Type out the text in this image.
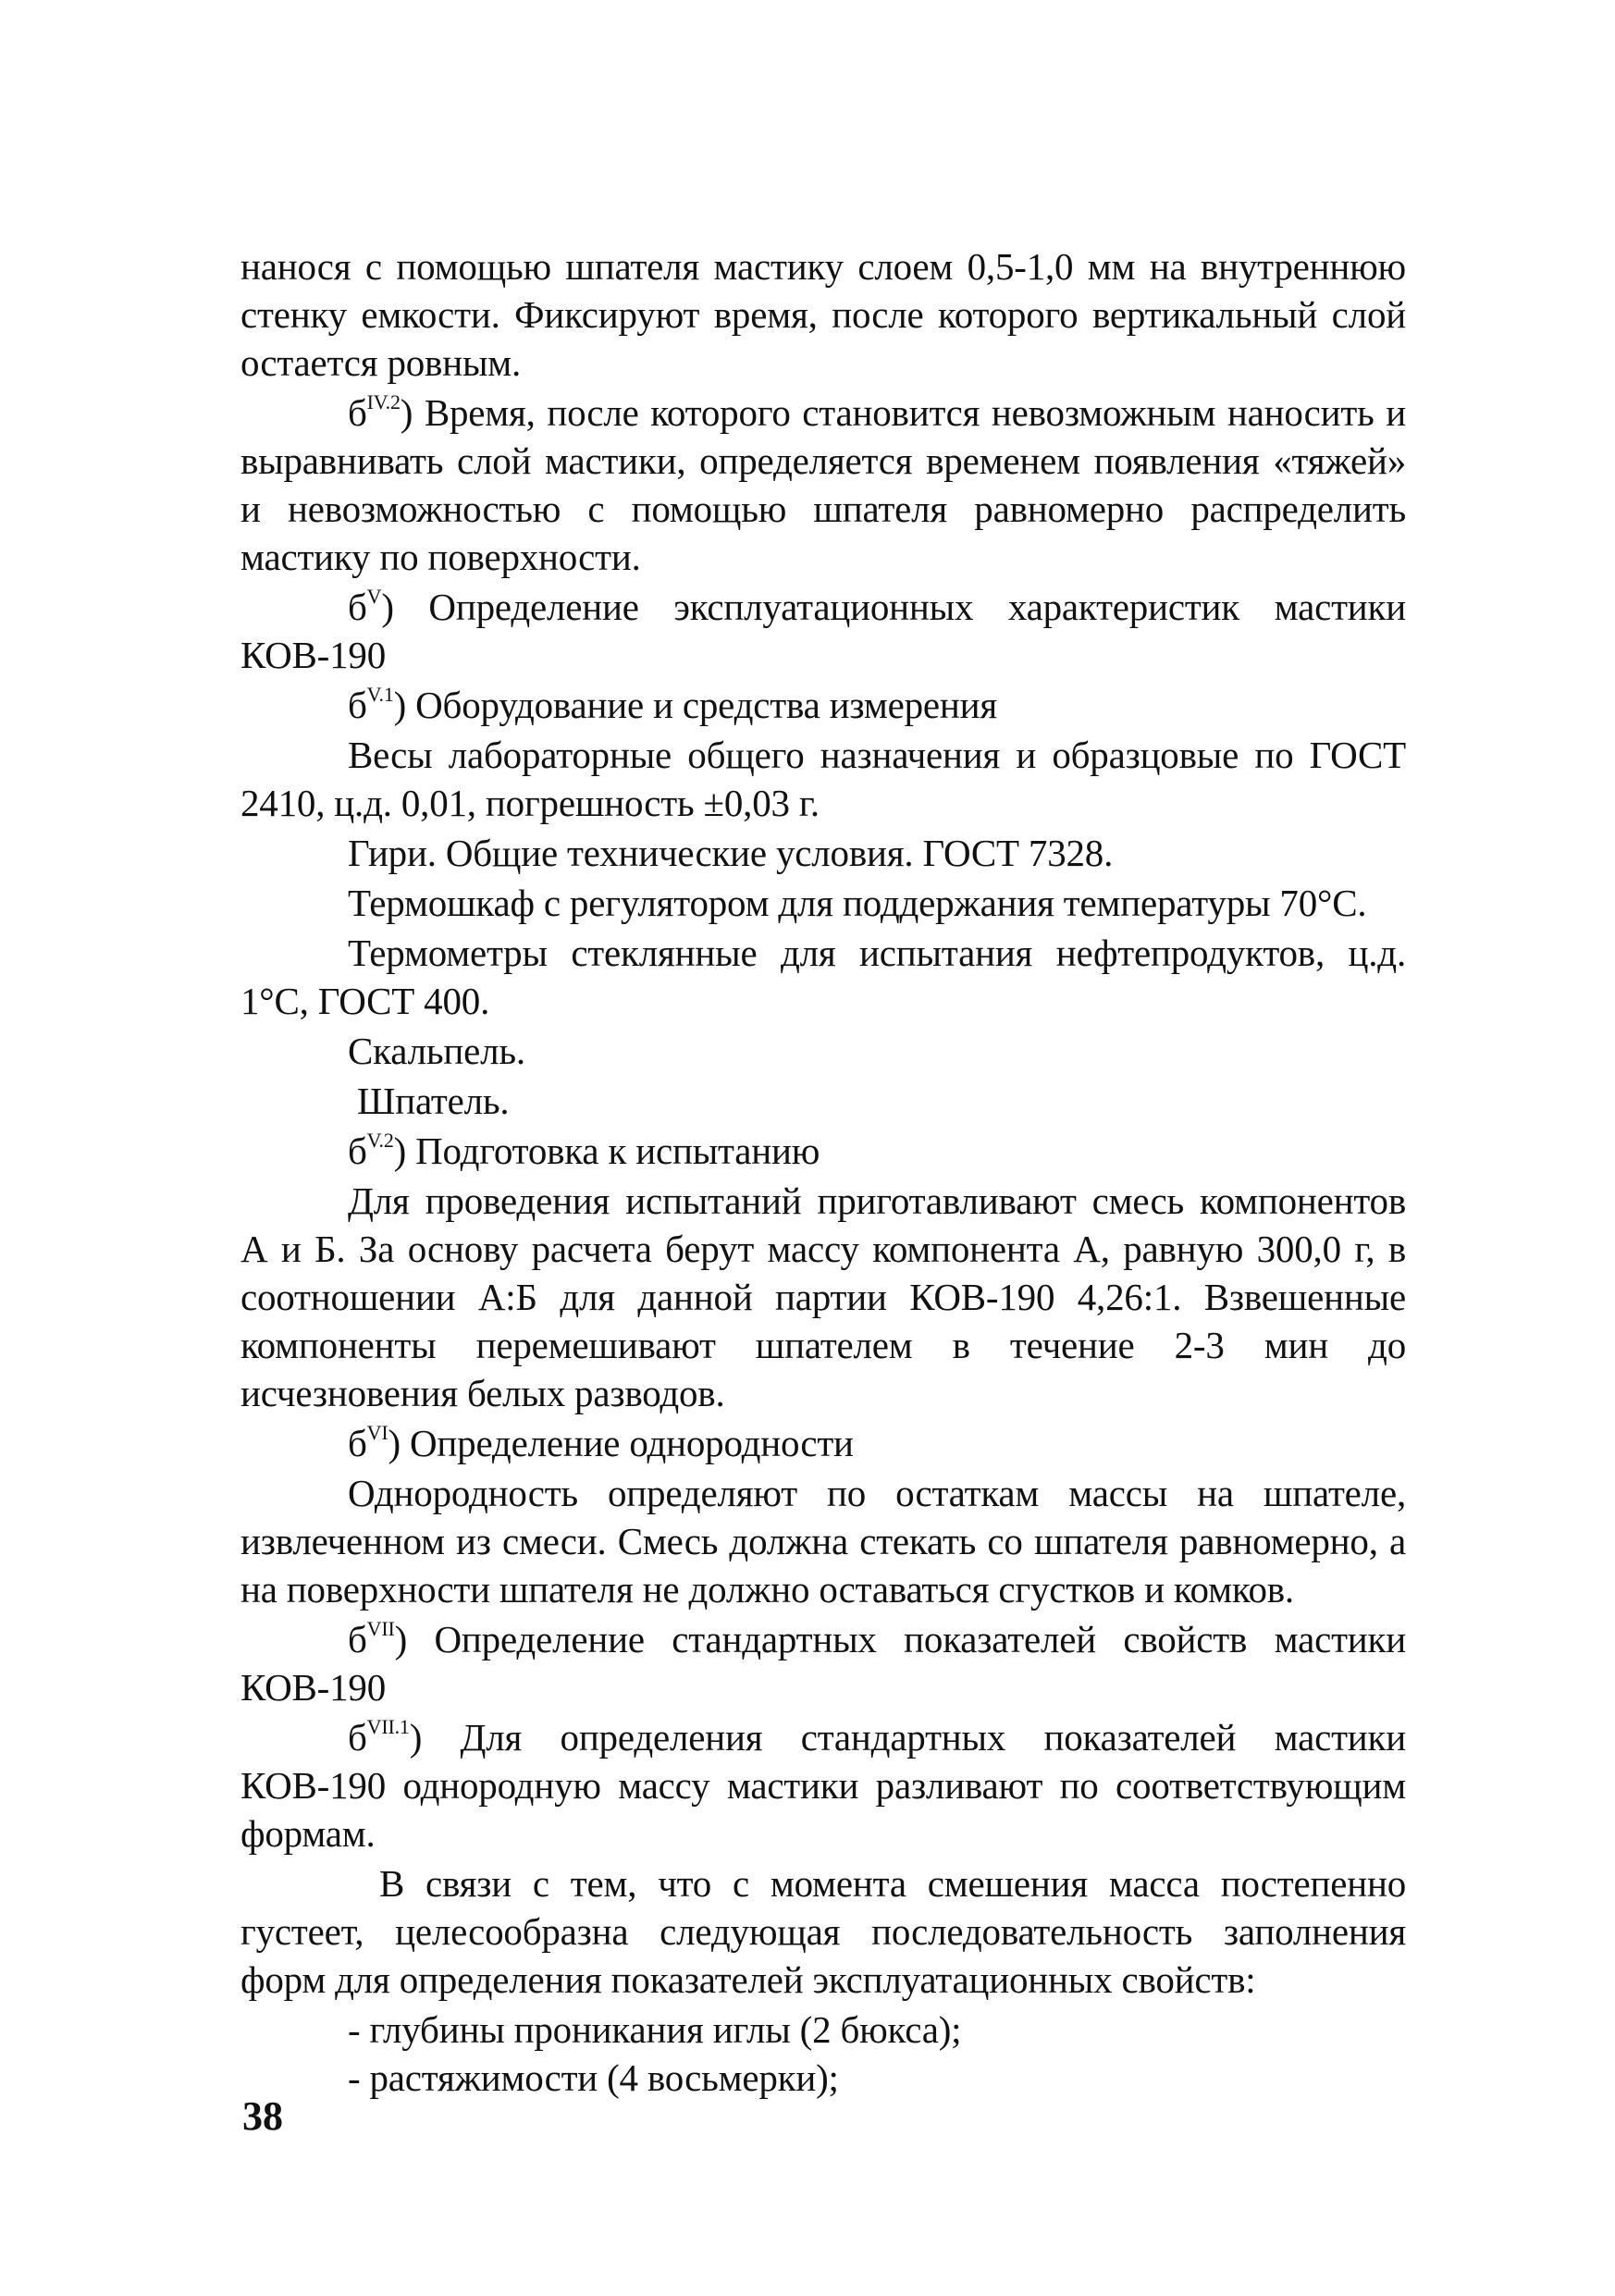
нанося с помощью шпателя мастику слоем 0,5-1,0 мм на внутреннюю стенку емкости. Фиксируют время, после которого вертикальный слой остается ровным.

$б^{IV.2}$) Время, после которого становится невозможным наносить и выравнивать слой мастики, определяется временем появления «тяжей» и невозможностью с помощью шпателя равномерно распределить мастику по поверхности.

$б^V$) Определение эксплуатационных характеристик мастики КОВ-190

$б^{V.1}$) Оборудование и средства измерения

Весы лабораторные общего назначения и образцовые по ГОСТ 2410, ц.д. 0,01, погрешность ±0,03 г.

Гири. Общие технические условия. ГОСТ 7328.

Термошкаф с регулятором для поддержания температуры 70°С.

Термометры стеклянные для испытания нефтепродуктов, ц.д. 1°С, ГОСТ 400.

Скальпель.

Шпатель.

$б^{V.2}$) Подготовка к испытанию

Для проведения испытаний приготавливают смесь компонентов А и Б. За основу расчета берут массу компонента А, равную 300,0 г, в соотношении А:Б для данной партии КОВ-190 4,26:1. Взвешенные компоненты перемешивают шпателем в течение 2-3 мин до исчезновения белых разводов.

$б^{VI}$) Определение однородности

Однородность определяют по остаткам массы на шпателе, извлеченном из смеси. Смесь должна стекать со шпателя равномерно, а на поверхности шпателя не должно оставаться сгустков и комков.

$б^{VII}$) Определение стандартных показателей свойств мастики КОВ-190

$б^{VII.1}$) Для определения стандартных показателей мастики КОВ-190 однородную массу мастики разливают по соответствующим формам.

В связи с тем, что с момента смешения масса постепенно густеет, целесообразна следующая последовательность заполнения форм для определения показателей эксплуатационных свойств:

- глубины проникания иглы (2 бюкса);

- растяжимости (4 восьмерки);

38
